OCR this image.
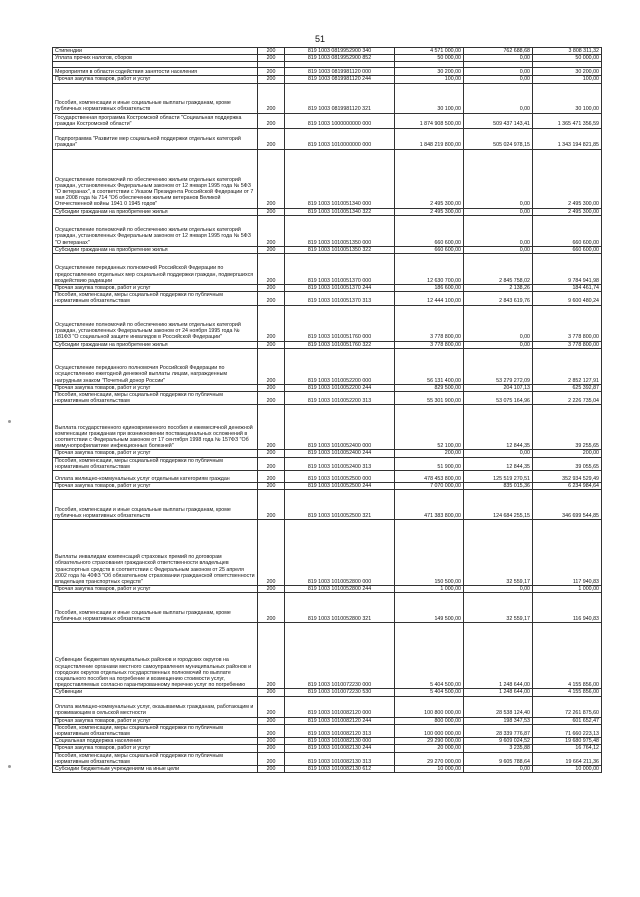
51
Стипендии	200	819 1003 0819952900 340	4 571 000,00	762 688,68	3 808 311,32
Уплата прочих налогов, сборов	200	819 1003 0819952900 852	50 000,00	0,00	50 000,00

Мероприятия в области содействия занятости населения	200	819 1003 0819981120 000	30 200,00	0,00	30 200,00
Прочая закупка товаров, работ и услуг	200	819 1003 0819981120 244	100,00	0,00	100,00
Пособия, компенсации и иные социальные выплаты гражданам, кроме публичных нормативных обязательств	200	819 1003 0819981120 321	30 100,00	0,00	30 100,00
Государственная программа Костромской области "Социальная поддержка граждан Костромской области"	200	819 1003 1000000000 000	1 874 908 500,00	509 437 143,41	1 365 471 356,59
Подпрограмма "Развитие мер социальной поддержки отдельных категорий граждан"	200	819 1003 1010000000 000	1 848 219 800,00	505 024 978,15	1 343 194 821,85
Осуществление полномочий по обеспечению жильем отдельных категорий граждан, установленных Федеральным законом от 12 января 1995 года № 5ФЗ "О ветеранах", в соответствии с Указом Президента Российской Федерации от 7 мая 2008 года № 714 "Об обеспечении жильем ветеранов Великой Отечественной войны 1941 0 1945 годов"	200	819 1003 1010051340 000	2 495 300,00	0,00	2 495 300,00
Субсидии гражданам на приобретение жилья	200	819 1003 1010051340 322	2 495 300,00	0,00	2 495 300,00
Осуществление полномочий по обеспечению жильем отдельных категорий граждан, установленных Федеральным законом от 12 января 1995 года № 5ФЗ "О ветеранах"	200	819 1003 1010051350 000	660 600,00	0,00	660 600,00
Субсидии гражданам на приобретение жилья	200	819 1003 1010051350 322	660 600,00	0,00	660 600,00
Осуществление переданных полномочий Российской Федерации по предоставлению отдельных мер социальной поддержки граждан, подвергшихся воздействию радиации	200	819 1003 1010051370 000	12 630 700,00	2 845 758,02	9 784 941,98
Прочая закупка товаров, работ и услуг	200	819 1003 1010051370 244	186 600,00	2 138,26	184 461,74
Пособия, компенсации, меры социальной поддержки по публичным нормативным обязательствам	200	819 1003 1010051370 313	12 444 100,00	2 843 619,76	9 600 480,24
Осуществление полномочий по обеспечению жильем отдельных категорий граждан, установленных Федеральным законом от 24 ноября 1995 года № 181ФЗ "О социальной защите инвалидов в Российской Федерации"	200	819 1003 1010051760 000	3 778 800,00	0,00	3 778 800,00
Субсидии гражданам на приобретение жилья	200	819 1003 1010051760 322	3 778 800,00	0,00	3 778 800,00
Осуществление переданного полномочия Российской Федерации по осуществлению ежегодной денежной выплаты лицам, награжденным нагрудным знаком "Почетный донор России"	200	819 1003 1010052200 000	56 131 400,00	53 279 272,09	2 852 127,91
Прочая закупка товаров, работ и услуг	200	819 1003 1010052200 244	829 500,00	204 107,13	625 392,87
Пособия, компенсации, меры социальной поддержки по публичным нормативным обязательствам	200	819 1003 1010052200 313	55 301 900,00	53 075 164,96	2 226 735,04
Выплата государственного единовременного пособия и ежемесячной денежной компенсации гражданам при возникновении поствакцинальных осложнений в соответствии с Федеральным законом от 17 сентября 1998 года № 157ФЗ "Об иммунопрофилактике инфекционных болезней"	200	819 1003 1010052400 000	52 100,00	12 844,35	39 255,65
Прочая закупка товаров, работ и услуг	200	819 1003 1010052400 244	200,00	0,00	200,00
Пособия, компенсации, меры социальной поддержки по публичным нормативным обязательствам	200	819 1003 1010052400 313	51 900,00	12 844,35	39 055,65
Оплата жилищно-коммунальных услуг отдельным категориям граждан	200	819 1003 1010052500 000	478 453 800,00	125 519 270,51	352 934 529,49
Прочая закупка товаров, работ и услуг	200	819 1003 1010052500 244	7 070 000,00	835 015,36	6 234 984,64
Пособия, компенсации и иные социальные выплаты гражданам, кроме публичных нормативных обязательств	200	819 1003 1010052500 321	471 383 800,00	124 684 255,15	346 699 544,85
Выплаты инвалидам компенсаций страховых премий по договорам обязательного страхования гражданской ответственности владельцев транспортных средств в соответствии с Федеральным законом от 25 апреля 2002 года № 40ФЗ "Об обязательном страховании гражданской ответственности владельцев транспортных средств"	200	819 1003 1010052800 000	150 500,00	32 559,17	117 940,83
Прочая закупка товаров, работ и услуг	200	819 1003 1010052800 244	1 000,00	0,00	1 000,00
Пособия, компенсации и иные социальные выплаты гражданам, кроме публичных нормативных обязательств	200	819 1003 1010052800 321	149 500,00	32 559,17	116 940,83
Субвенции бюджетам муниципальных районов и городских округов на осуществление органами местного самоуправления муниципальных районов и городских округов отдельных государственных полномочий по выплате социального пособия на погребение и возмещению стоимости услуг, предоставляемых согласно гарантированному перечню услуг по погребению	200	819 1003 1010072230 000	5 404 500,00	1 248 644,00	4 155 856,00
Субвенции	200	819 1003 1010072230 530	5 404 500,00	1 248 644,00	4 155 856,00
Оплата жилищно-коммунальных услуг, оказываемых гражданам, работающим и проживающим в сельской местности	200	819 1003 1010082120 000	100 800 000,00	28 538 124,40	72 261 875,60
Прочая закупка товаров, работ и услуг	200	819 1003 1010082120 244	800 000,00	198 347,53	601 652,47
Пособия, компенсации, меры социальной поддержки по публичным нормативным обязательствам	200	819 1003 1010082120 313	100 000 000,00	28 339 776,87	71 660 223,13
Социальная поддержка населения	200	819 1003 1010082130 000	29 290 000,00	9 609 024,52	19 680 975,48
Прочая закупка товаров, работ и услуг	200	819 1003 1010082130 244	20 000,00	3 235,88	16 764,12
Пособия, компенсации, меры социальной поддержки по публичным нормативным обязательствам	200	819 1003 1010082130 313	29 270 000,00	9 605 788,64	19 664 211,36
Субсидии бюджетным учреждениям на иные цели	200	819 1003 1010082130 612	10 000,00	0,00	10 000,00
